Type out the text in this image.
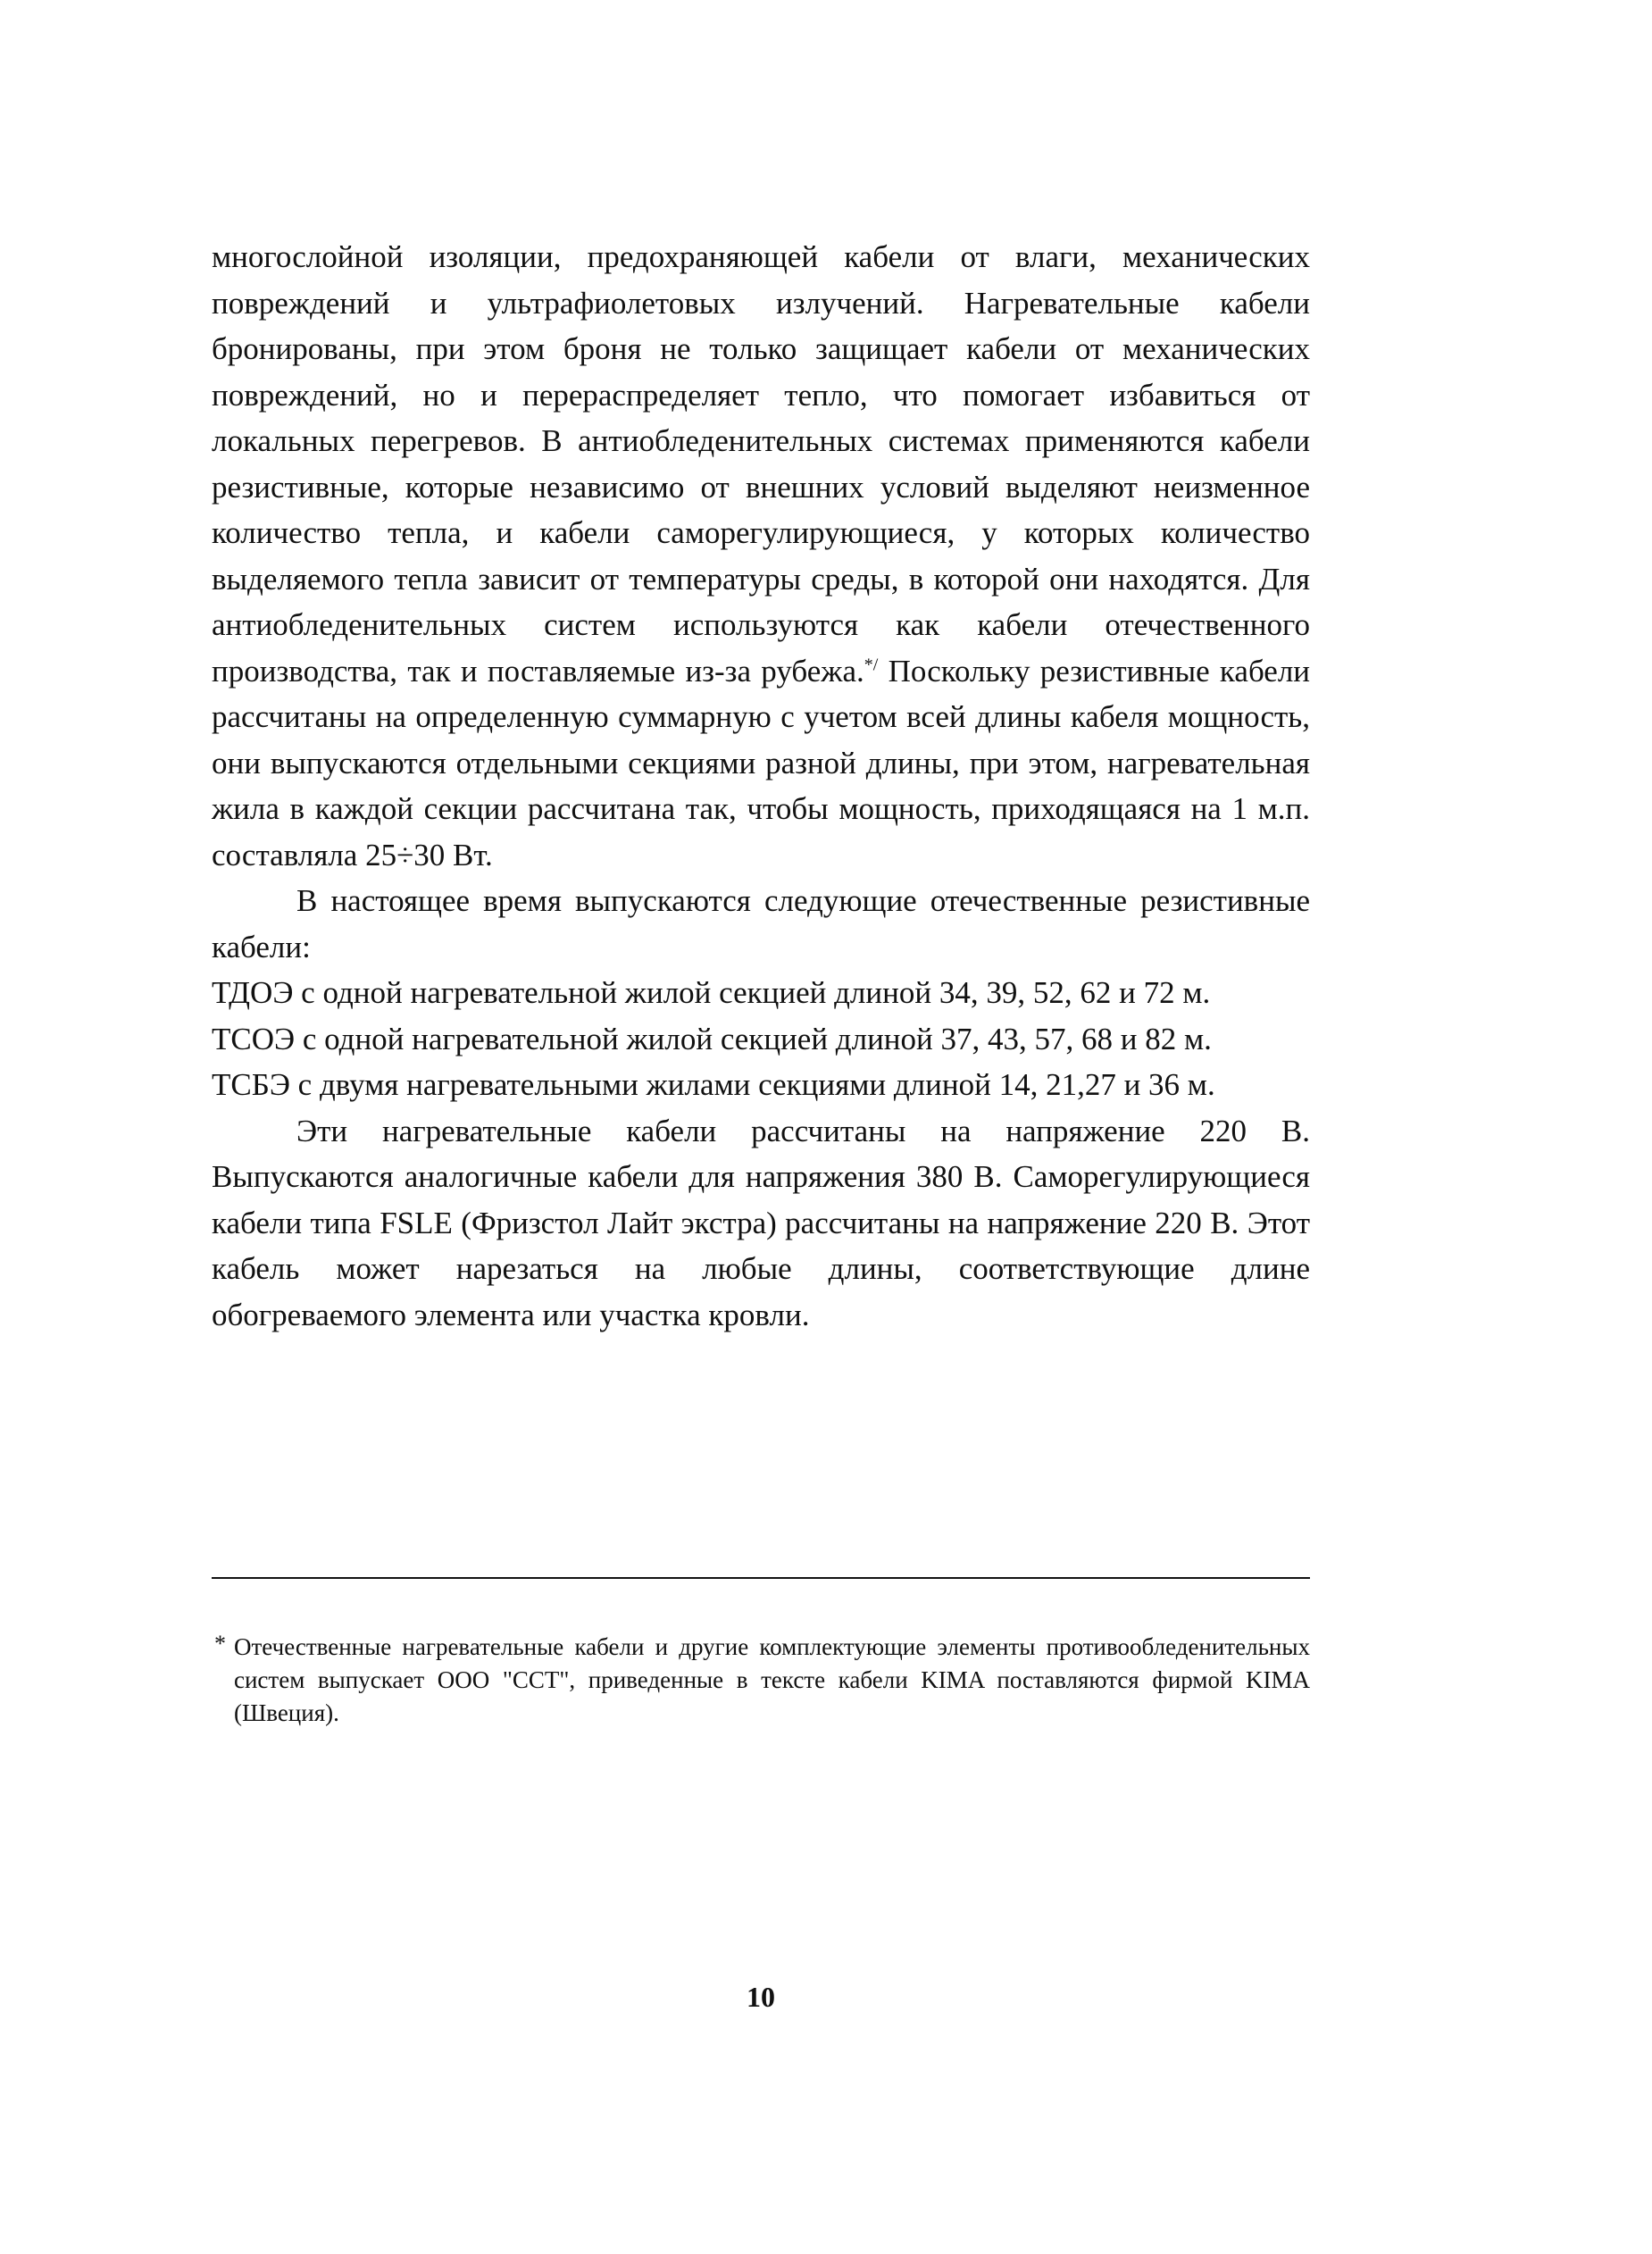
многослойной изоляции, предохраняющей кабели от влаги, механических повреждений и ультрафиолетовых излучений. Нагревательные кабели бронированы, при этом броня не только защищает кабели от механических повреждений, но и перераспределяет тепло, что помогает избавиться от локальных перегревов. В антиобледенительных системах применяются кабели резистивные, которые независимо от внешних условий выделяют неизменное количество тепла, и кабели саморегулирующиеся, у которых количество выделяемого тепла зависит от температуры среды, в которой они находятся. Для антиобледенительных систем используются как кабели отечественного производства, так и поставляемые из-за рубежа.*/ Поскольку резистивные кабели рассчитаны на определенную суммарную с учетом всей длины кабеля мощность, они выпускаются отдельными секциями разной длины, при этом, нагревательная жила в каждой секции рассчитана так, чтобы мощность, приходящаяся на 1 м.п. составляла 25÷30 Вт.

В настоящее время выпускаются следующие отечественные резистивные кабели:

ТДОЭ с одной нагревательной жилой секцией длиной 34, 39, 52, 62 и 72 м.

ТСОЭ с одной нагревательной жилой секцией длиной 37, 43, 57, 68 и 82 м.

ТСБЭ с двумя нагревательными жилами секциями длиной 14, 21,27 и 36 м.

Эти нагревательные кабели рассчитаны на напряжение 220 В. Выпускаются аналогичные кабели для напряжения 380 В. Саморегулирующиеся кабели типа FSLE (Фризстол Лайт экстра) рассчитаны на напряжение 220 В. Этот кабель может нарезаться на любые длины, соответствующие длине обогреваемого элемента или участка кровли.

* Отечественные нагревательные кабели и другие комплектующие элементы противообледенительных систем выпускает ООО "ССТ", приведенные в тексте кабели KIMA поставляются фирмой KIMA (Швеция).
10
